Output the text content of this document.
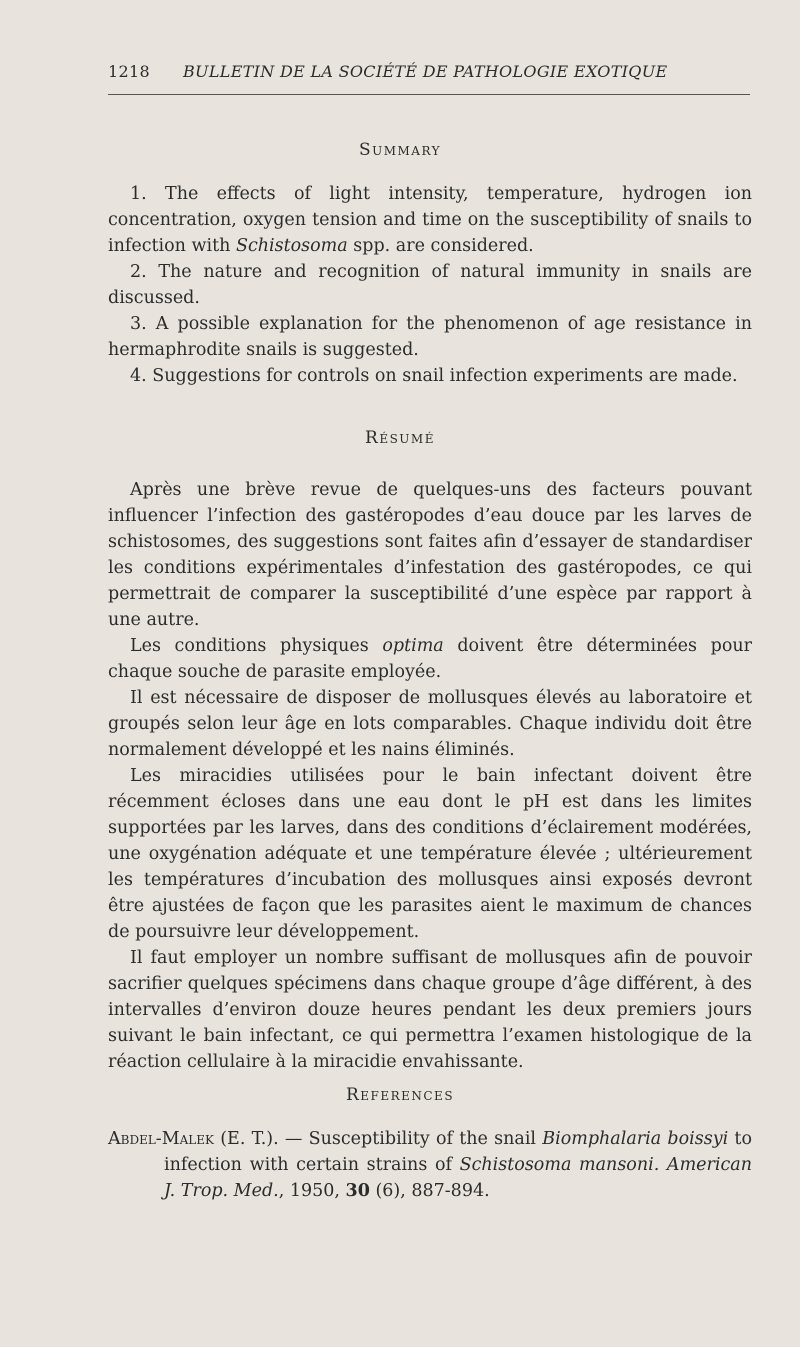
1218 BULLETIN DE LA SOCIÉTÉ DE PATHOLOGIE EXOTIQUE
Summary

1. The effects of light intensity, temperature, hydrogen ion concentration, oxygen tension and time on the susceptibility of snails to infection with Schistosoma spp. are considered.

2. The nature and recognition of natural immunity in snails are discussed.

3. A possible explanation for the phenomenon of age resistance in hermaphrodite snails is suggested.

4. Suggestions for controls on snail infection experiments are made.

Résumé

Après une brève revue de quelques-uns des facteurs pouvant influencer l’infection des gastéropodes d’eau douce par les larves de schistosomes, des suggestions sont faites afin d’essayer de standardiser les conditions expérimentales d’infestation des gastéropodes, ce qui permettrait de comparer la susceptibilité d’une espèce par rapport à une autre.

Les conditions physiques optima doivent être déterminées pour chaque souche de parasite employée.

Il est nécessaire de disposer de mollusques élevés au laboratoire et groupés selon leur âge en lots comparables. Chaque individu doit être normalement développé et les nains éliminés.

Les miracidies utilisées pour le bain infectant doivent être récemment écloses dans une eau dont le pH est dans les limites supportées par les larves, dans des conditions d’éclairement modérées, une oxygénation adéquate et une température élevée ; ultérieurement les températures d’incubation des mollusques ainsi exposés devront être ajustées de façon que les parasites aient le maximum de chances de poursuivre leur développement.

Il faut employer un nombre suffisant de mollusques afin de pouvoir sacrifier quelques spécimens dans chaque groupe d’âge différent, à des intervalles d’environ douze heures pendant les deux premiers jours suivant le bain infectant, ce qui permettra l’examen histologique de la réaction cellulaire à la miracidie envahissante.

References

Abdel-Malek (E. T.). — Susceptibility of the snail Biomphalaria boissyi to infection with certain strains of Schistosoma mansoni. American J. Trop. Med., 1950, 30 (6), 887-894.
